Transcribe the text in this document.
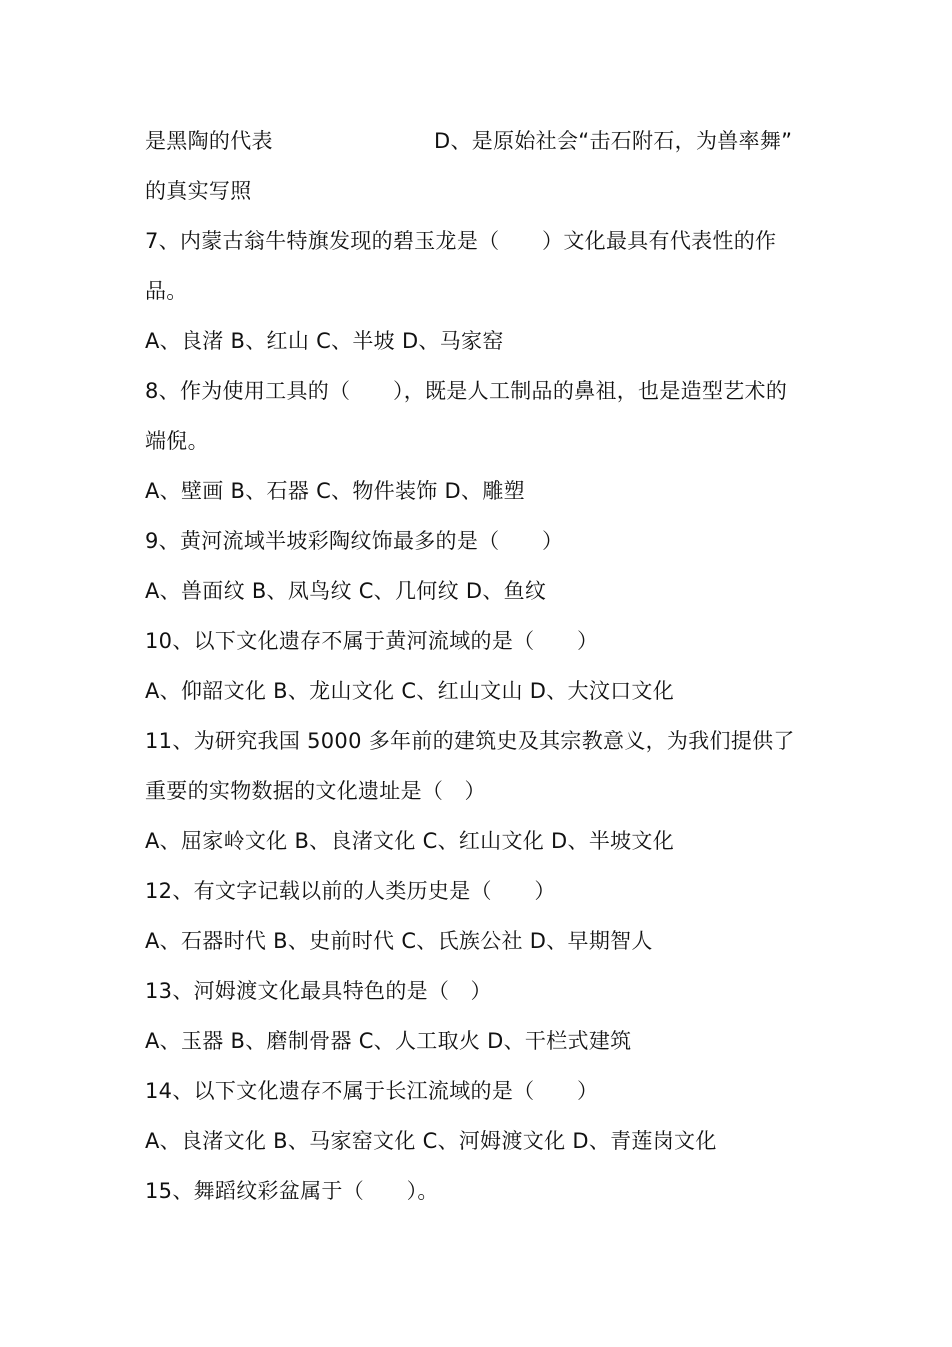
是黑陶的代表	D、是原始社会“击石附石，为兽率舞”
的真实写照
7、内蒙古翁牛特旗发现的碧玉龙是（　　）文化最具有代表性的作
品。
A、良渚 B、红山 C、半坡 D、马家窑
8、作为使用工具的（　　），既是人工制品的鼻祖，也是造型艺术的
端倪。
A、壁画 B、石器 C、物件装饰 D、雕塑
9、黄河流域半坡彩陶纹饰最多的是（　　）
A、兽面纹 B、凤鸟纹 C、几何纹 D、鱼纹
10、以下文化遗存不属于黄河流域的是（　　）
A、仰韶文化 B、龙山文化 C、红山文山 D、大汶口文化
11、为研究我国 5000 多年前的建筑史及其宗教意义，为我们提供了
重要的实物数据的文化遗址是（　）
A、屈家岭文化 B、良渚文化 C、红山文化 D、半坡文化
12、有文字记载以前的人类历史是（　　）
A、石器时代 B、史前时代 C、氏族公社 D、早期智人
13、河姆渡文化最具特色的是（　）
A、玉器 B、磨制骨器 C、人工取火 D、干栏式建筑
14、以下文化遗存不属于长江流域的是（　　）
A、良渚文化 B、马家窑文化 C、河姆渡文化 D、青莲岗文化
15、舞蹈纹彩盆属于（　　）。
